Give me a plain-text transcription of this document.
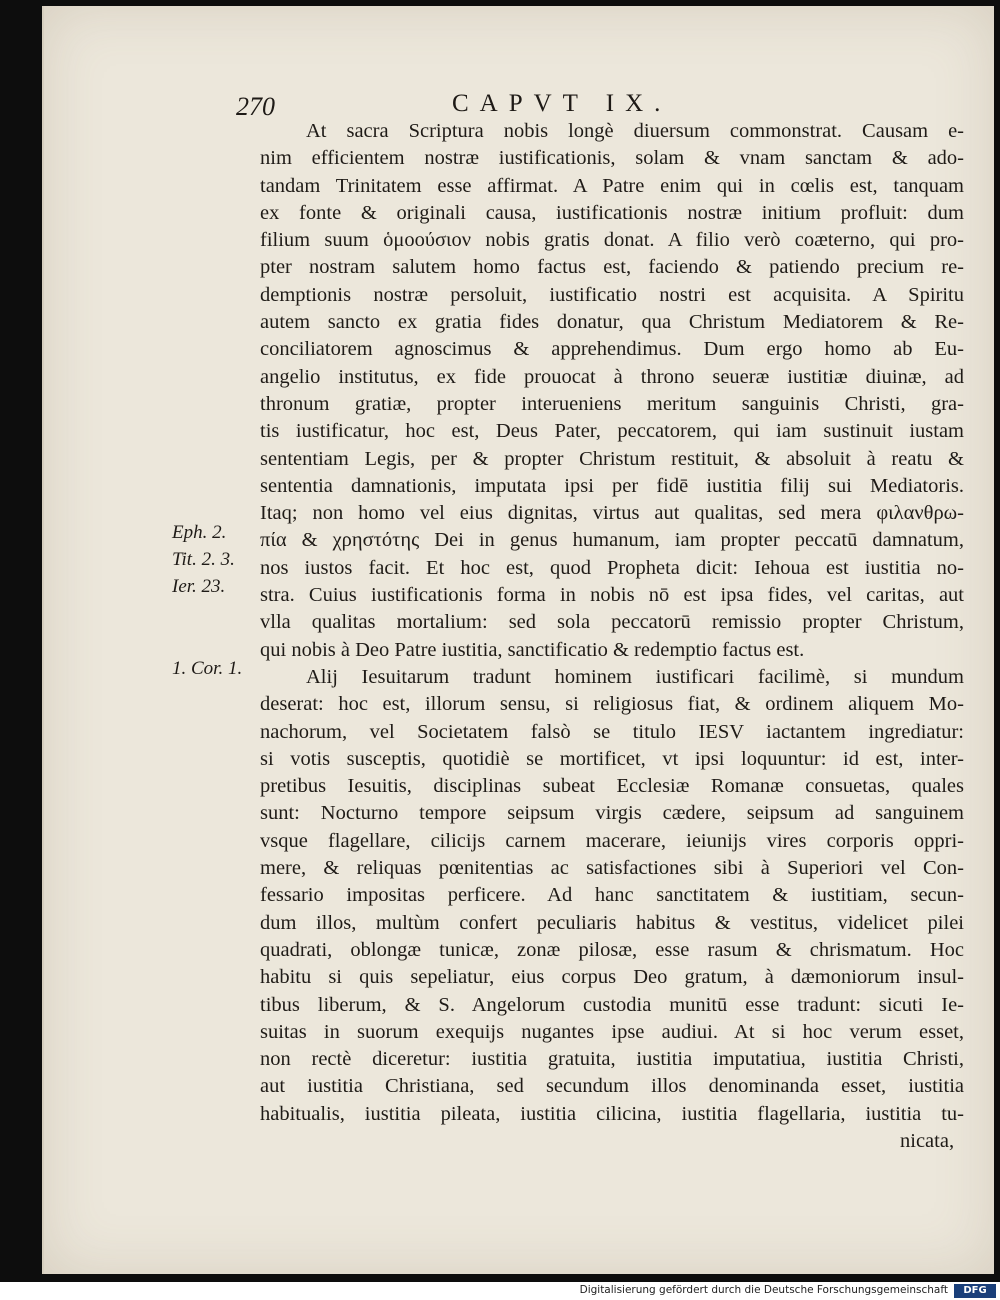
270	CAPVT IX.
Eph. 2.
Tit. 2. 3.
Ier. 23.
1. Cor. 1.
At sacra Scriptura nobis longè diuersum commonstrat. Causam e-
nim efficientem nostræ iustificationis, solam & vnam sanctam & ado-
tandam Trinitatem esse affirmat. A Patre enim qui in cœlis est, tanquam
ex fonte & originali causa, iustificationis nostræ initium profluit: dum
filium suum ὁμοούσιον nobis gratis donat. A filio verò coæterno, qui pro-
pter nostram salutem homo factus est, faciendo & patiendo precium re-
demptionis nostræ persoluit, iustificatio nostri est acquisita. A Spiritu
autem sancto ex gratia fides donatur, qua Christum Mediatorem & Re-
conciliatorem agnoscimus & apprehendimus. Dum ergo homo ab Eu-
angelio institutus, ex fide prouocat à throno seueræ iustitiæ diuinæ, ad
thronum gratiæ, propter interueniens meritum sanguinis Christi, gra-
tis iustificatur, hoc est, Deus Pater, peccatorem, qui iam sustinuit iustam
sententiam Legis, per & propter Christum restituit, & absoluit à reatu &
sententia damnationis, imputata ipsi per fidē iustitia filij sui Mediatoris.
Itaq; non homo vel eius dignitas, virtus aut qualitas, sed mera φιλανθρω-
πία & χρηστότης Dei in genus humanum, iam propter peccatū damnatum,
nos iustos facit. Et hoc est, quod Propheta dicit: Iehoua est iustitia no-
stra. Cuius iustificationis forma in nobis nō est ipsa fides, vel caritas, aut
vlla qualitas mortalium: sed sola peccatorū remissio propter Christum,
qui nobis à Deo Patre iustitia, sanctificatio & redemptio factus est.
Alij Iesuitarum tradunt hominem iustificari facilimè, si mundum
deserat: hoc est, illorum sensu, si religiosus fiat, & ordinem aliquem Mo-
nachorum, vel Societatem falsò se titulo IESV iactantem ingrediatur:
si votis susceptis, quotidiè se mortificet, vt ipsi loquuntur: id est, inter-
pretibus Iesuitis, disciplinas subeat Ecclesiæ Romanæ consuetas, quales
sunt: Nocturno tempore seipsum virgis cædere, seipsum ad sanguinem
vsque flagellare, cilicijs carnem macerare, ieiunijs vires corporis oppri-
mere, & reliquas pœnitentias ac satisfactiones sibi à Superiori vel Con-
fessario impositas perficere. Ad hanc sanctitatem & iustitiam, secun-
dum illos, multùm confert peculiaris habitus & vestitus, videlicet pilei
quadrati, oblongæ tunicæ, zonæ pilosæ, esse rasum & chrismatum. Hoc
habitu si quis sepeliatur, eius corpus Deo gratum, à dæmoniorum insul-
tibus liberum, & S. Angelorum custodia munitū esse tradunt: sicuti Ie-
suitas in suorum exequijs nugantes ipse audiui. At si hoc verum esset,
non rectè diceretur: iustitia gratuita, iustitia imputatiua, iustitia Christi,
aut iustitia Christiana, sed secundum illos denominanda esset, iustitia
habitualis, iustitia pileata, iustitia cilicina, iustitia flagellaria, iustitia tu-
nicata,
Digitalisierung gefördert durch die Deutsche Forschungsgemeinschaft	DFG
